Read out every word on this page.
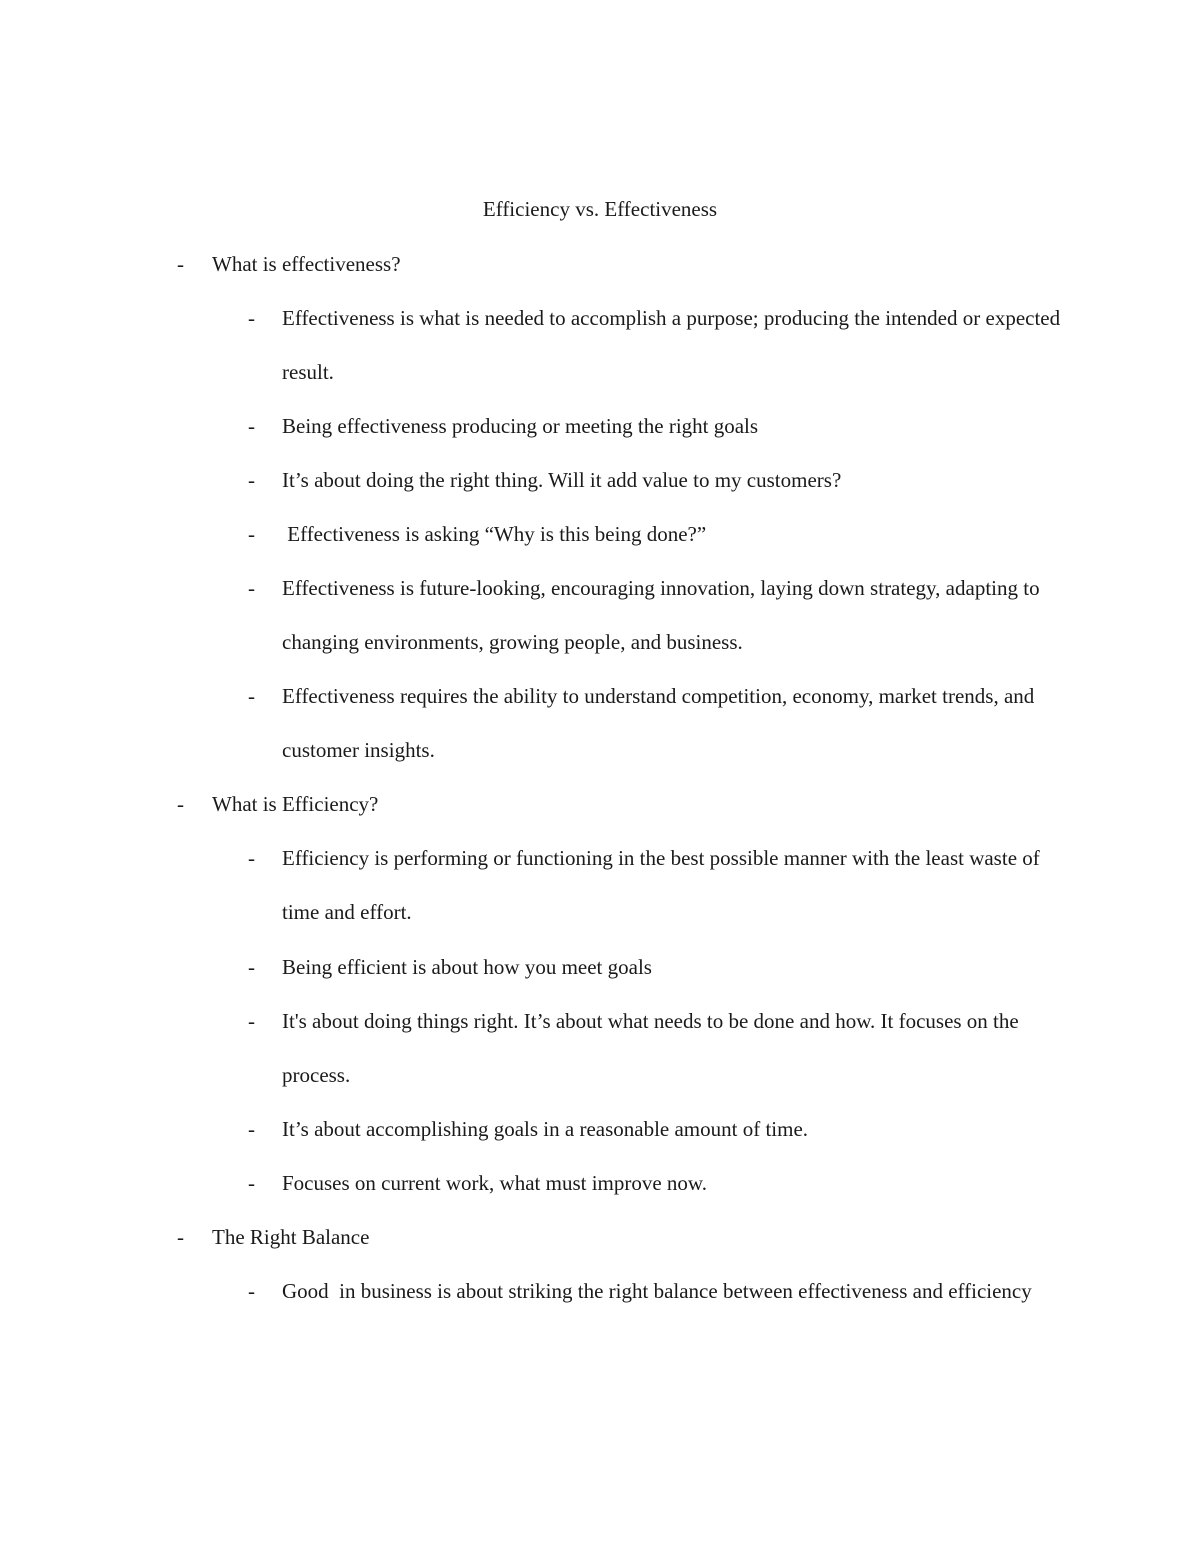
Efficiency vs. Effectiveness
- What is effectiveness?
- Effectiveness is what is needed to accomplish a purpose; producing the intended or expected result.
- Being effectiveness producing or meeting the right goals
- It’s about doing the right thing. Will it add value to my customers?
- Effectiveness is asking “Why is this being done?”
- Effectiveness is future-looking, encouraging innovation, laying down strategy, adapting to changing environments, growing people, and business.
- Effectiveness requires the ability to understand competition, economy, market trends, and customer insights.
- What is Efficiency?
- Efficiency is performing or functioning in the best possible manner with the least waste of time and effort.
- Being efficient is about how you meet goals
- It's about doing things right. It’s about what needs to be done and how. It focuses on the process.
- It’s about accomplishing goals in a reasonable amount of time.
- Focuses on current work, what must improve now.
- The Right Balance
- Good  in business is about striking the right balance between effectiveness and efficiency
